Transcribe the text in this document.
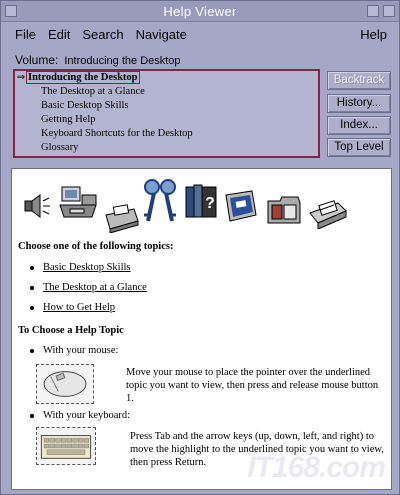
Help Viewer
File Edit Search Navigate	Help
Volume: Introducing the Desktop
⇒ Introducing the Desktop
The Desktop at a Glance
Basic Desktop Skills
Getting Help
Keyboard Shortcuts for the Desktop
Glossary
Backtrack
History...
Index...
Top Level
?
Choose one of the following topics:
Basic Desktop Skills
The Desktop at a Glance
How to Get Help
To Choose a Help Topic
With your mouse:
Move your mouse to place the pointer over the underlined topic you want to view, then press and release mouse button 1.
With your keyboard:
Press Tab and the arrow keys (up, down, left, and right) to move the highlight to the underlined topic you want to view, then press Return.	IT168.com
